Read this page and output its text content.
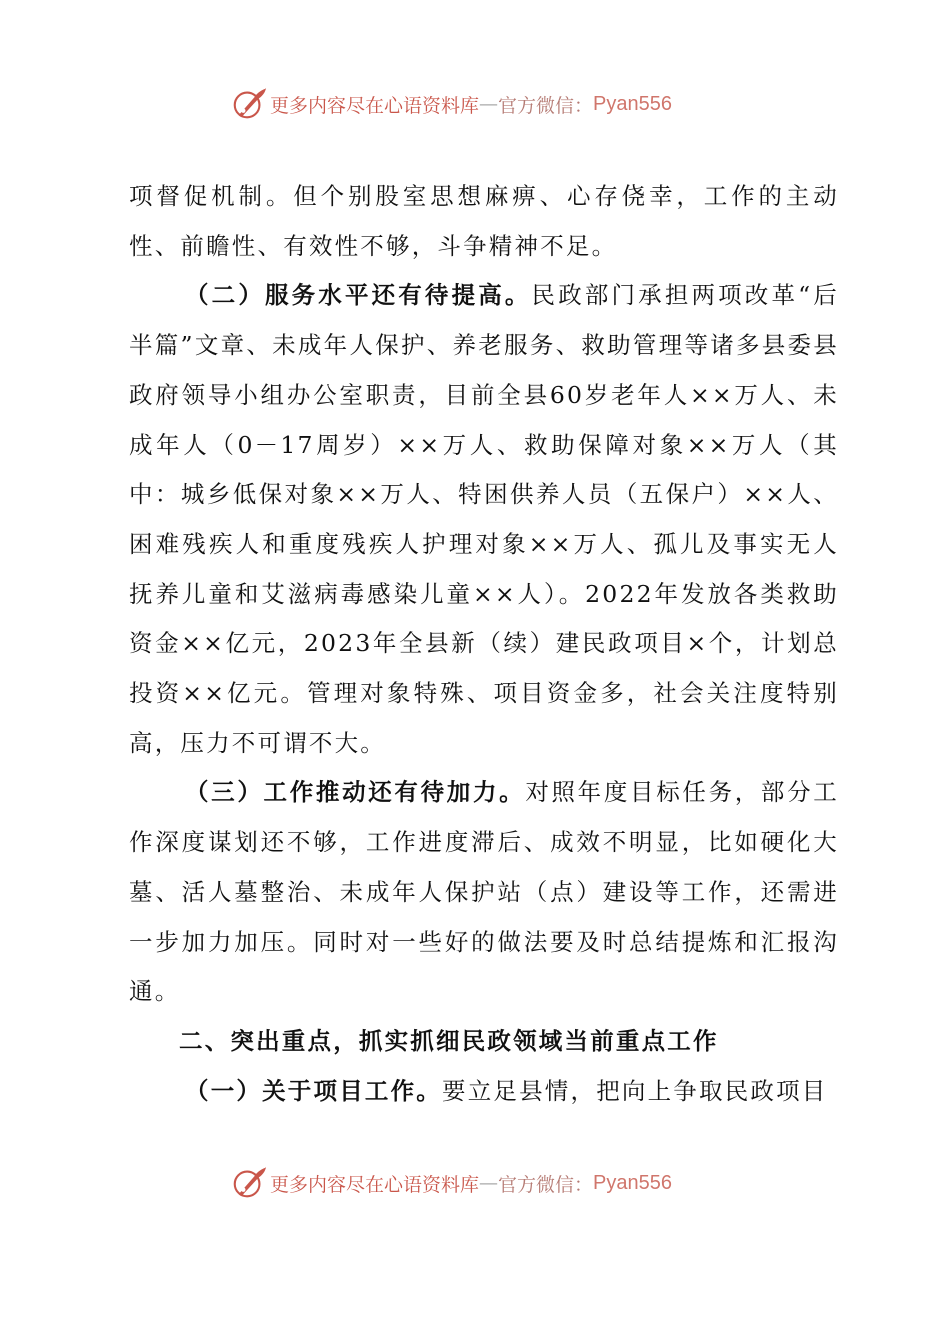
更多内容尽在心语资料库 — 官方微信： Pyan556

项督促机制。但个别股室思想麻痹、心存侥幸，工作的主动性、前瞻性、有效性不够，斗争精神不足。

（二）服务水平还有待提高。民政部门承担两项改革“后半篇”文章、未成年人保护、养老服务、救助管理等诸多县委县政府领导小组办公室职责，目前全县60岁老年人××万人、未成年人（0－17周岁）××万人、救助保障对象××万人（其中：城乡低保对象××万人、特困供养人员（五保户）××人、困难残疾人和重度残疾人护理对象××万人、孤儿及事实无人抚养儿童和艾滋病毒感染儿童××人）。2022年发放各类救助资金××亿元，2023年全县新（续）建民政项目×个，计划总投资××亿元。管理对象特殊、项目资金多，社会关注度特别高，压力不可谓不大。

（三）工作推动还有待加力。对照年度目标任务，部分工作深度谋划还不够，工作进度滞后、成效不明显，比如硬化大墓、活人墓整治、未成年人保护站（点）建设等工作，还需进一步加力加压。同时对一些好的做法要及时总结提炼和汇报沟通。

二、突出重点，抓实抓细民政领域当前重点工作

（一）关于项目工作。要立足县情，把向上争取民政项目

更多内容尽在心语资料库 — 官方微信： Pyan556
